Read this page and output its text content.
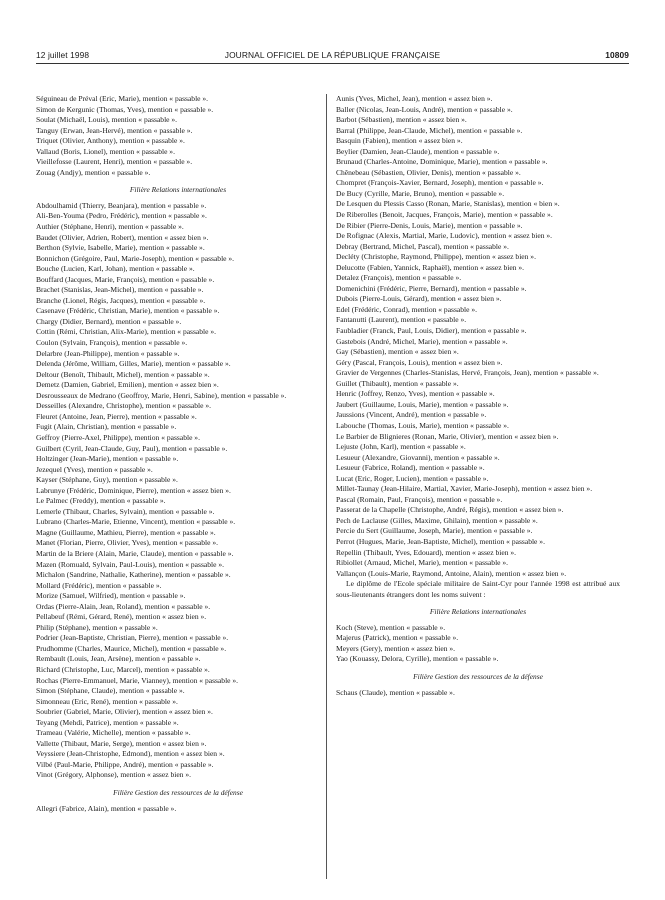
12 juillet 1998	JOURNAL OFFICIEL DE LA RÉPUBLIQUE FRANÇAISE	10809

Séguineau de Préval (Eric, Marie), mention « passable ».

Simon de Kergunic (Thomas, Yves), mention « passable ».

Soulat (Michaël, Louis), mention « passable ».

Tanguy (Erwan, Jean-Hervé), mention « passable ».

Triquet (Olivier, Anthony), mention « passable ».

Vallaud (Boris, Lionel), mention « passable ».

Vieillefosse (Laurent, Henri), mention « passable ».

Zouag (Andjy), mention « passable ».

Filière Relations internationales

Abdoulhamid (Thierry, Beanjara), mention « passable ».

Ali-Ben-Youma (Pedro, Frédéric), mention « passable ».

Authier (Stéphane, Henri), mention « passable ».

Baudet (Olivier, Adrien, Robert), mention « assez bien ».

Berthon (Sylvie, Isabelle, Marie), mention « passable ».

Bonnichon (Grégoire, Paul, Marie-Joseph), mention « passable ».

Bouche (Lucien, Karl, Johan), mention « passable ».

Bouffard (Jacques, Marie, François), mention « passable ».

Brachet (Stanislas, Jean-Michel), mention « passable ».

Branche (Lionel, Régis, Jacques), mention « passable ».

Casenave (Frédéric, Christian, Marie), mention « passable ».

Chargy (Didier, Bernard), mention « passable ».

Cottin (Rémi, Christian, Alix-Marie), mention « passable ».

Coulon (Sylvain, François), mention « passable ».

Delarbre (Jean-Philippe), mention « passable ».

Delenda (Jérôme, William, Gilles, Marie), mention « passable ».

Deltour (Benoît, Thibault, Michel), mention « passable ».

Demetz (Damien, Gabriel, Emilien), mention « assez bien ».

Desrousseaux de Medrano (Geoffroy, Marie, Henri, Sabine), mention « passable ».

Desseilles (Alexandre, Christophe), mention « passable ».

Fleuret (Antoine, Jean, Pierre), mention « passable ».

Fugit (Alain, Christian), mention « passable ».

Geffroy (Pierre-Axel, Philippe), mention « passable ».

Guilbert (Cyril, Jean-Claude, Guy, Paul), mention « passable ».

Holtzinger (Jean-Marie), mention « passable ».

Jezequel (Yves), mention « passable ».

Kayser (Stéphane, Guy), mention « passable ».

Labrunye (Frédéric, Dominique, Pierre), mention « assez bien ».

Le Palmec (Freddy), mention « passable ».

Lemerle (Thibaut, Charles, Sylvain), mention « passable ».

Lubrano (Charles-Marie, Etienne, Vincent), mention « passable ».

Magne (Guillaume, Mathieu, Pierre), mention « passable ».

Manet (Florian, Pierre, Olivier, Yves), mention « passable ».

Martin de la Briere (Alain, Marie, Claude), mention « passable ».

Mazen (Romuald, Sylvain, Paul-Louis), mention « passable ».

Michalon (Sandrine, Nathalie, Katherine), mention « passable ».

Mollard (Frédéric), mention « passable ».

Morize (Samuel, Wilfried), mention « passable ».

Ordas (Pierre-Alain, Jean, Roland), mention « passable ».

Pellabeuf (Rémi, Gérard, René), mention « assez bien ».

Philip (Stéphane), mention « passable ».

Podrier (Jean-Baptiste, Christian, Pierre), mention « passable ».

Prudhomme (Charles, Maurice, Michel), mention « passable ».

Rembault (Louis, Jean, Arsène), mention « passable ».

Richard (Christophe, Luc, Marcel), mention « passable ».

Rochas (Pierre-Emmanuel, Marie, Vianney), mention « passable ».

Simon (Stéphane, Claude), mention « passable ».

Simonneau (Eric, René), mention « passable ».

Soubrier (Gabriel, Marie, Olivier), mention « assez bien ».

Teyang (Mehdi, Patrice), mention « passable ».

Trameau (Valérie, Michelle), mention « passable ».

Vallette (Thibaut, Marie, Serge), mention « assez bien ».

Veyssiere (Jean-Christophe, Edmond), mention « assez bien ».

Vilbé (Paul-Marie, Philippe, André), mention « passable ».

Vinot (Grégory, Alphonse), mention « assez bien ».

Filière Gestion des ressources de la défense

Allegri (Fabrice, Alain), mention « passable ».

Aunis (Yves, Michel, Jean), mention « assez bien ».

Baller (Nicolas, Jean-Louis, André), mention « passable ».

Barbot (Sébastien), mention « assez bien ».

Barral (Philippe, Jean-Claude, Michel), mention « passable ».

Basquin (Fabien), mention « assez bien ».

Beylier (Damien, Jean-Claude), mention « passable ».

Brunaud (Charles-Antoine, Dominique, Marie), mention « passable ».

Chênebeau (Sébastien, Olivier, Denis), mention « passable ».

Chompret (François-Xavier, Bernard, Joseph), mention « passable ».

De Bucy (Cyrille, Marie, Bruno), mention « passable ».

De Lesquen du Plessis Casso (Ronan, Marie, Stanislas), mention « bien ».

De Riberolles (Benoit, Jacques, François, Marie), mention « passable ».

De Ribier (Pierre-Denis, Louis, Marie), mention « passable ».

De Rofignac (Alexis, Martial, Marie, Ludovic), mention « assez bien ».

Debray (Bertrand, Michel, Pascal), mention « passable ».

Decléty (Christophe, Raymond, Philippe), mention « assez bien ».

Delucotte (Fabien, Yannick, Raphaël), mention « assez bien ».

Detalez (François), mention « passable ».

Domenichini (Frédéric, Pierre, Bernard), mention « passable ».

Dubois (Pierre-Louis, Gérard), mention « assez bien ».

Edel (Frédéric, Conrad), mention « passable ».

Fantanutti (Laurent), mention « passable ».

Faubladier (Franck, Paul, Louis, Didier), mention « passable ».

Gastebois (André, Michel, Marie), mention « passable ».

Gay (Sébastien), mention « assez bien ».

Géry (Pascal, François, Louis), mention « assez bien ».

Gravier de Vergennes (Charles-Stanislas, Hervé, François, Jean), mention « passable ».

Guillet (Thibault), mention « passable ».

Henric (Joffrey, Renzo, Yves), mention « passable ».

Jaubert (Guillaume, Louis, Marie), mention « passable ».

Jaussions (Vincent, André), mention « passable ».

Labouche (Thomas, Louis, Marie), mention « passable ».

Le Barbier de Blignieres (Ronan, Marie, Olivier), mention « assez bien ».

Lejuste (John, Karl), mention « passable ».

Lesueur (Alexandre, Giovanni), mention « passable ».

Lesueur (Fabrice, Roland), mention « passable ».

Lucat (Eric, Roger, Lucien), mention « passable ».

Millet-Taunay (Jean-Hilaire, Martial, Xavier, Marie-Joseph), mention « assez bien ».

Pascal (Romain, Paul, François), mention « passable ».

Passerat de la Chapelle (Christophe, André, Régis), mention « assez bien ».

Pech de Laclause (Gilles, Maxime, Ghilain), mention « passable ».

Percie du Sert (Guillaume, Joseph, Marie), mention « passable ».

Perrot (Hugues, Marie, Jean-Baptiste, Michel), mention « passable ».

Repellin (Thibault, Yves, Edouard), mention « assez bien ».

Ribiollet (Arnaud, Michel, Marie), mention « passable ».

Vallançon (Louis-Marie, Raymond, Antoine, Alain), mention « assez bien ».

Le diplôme de l'Ecole spéciale militaire de Saint-Cyr pour l'année 1998 est attribué aux sous-lieutenants étrangers dont les noms suivent :

Filière Relations internationales

Koch (Steve), mention « passable ».

Majerus (Patrick), mention « passable ».

Meyers (Gery), mention « assez bien ».

Yao (Kouassy, Delora, Cyrille), mention « passable ».

Filière Gestion des ressources de la défense

Schaus (Claude), mention « passable ».
